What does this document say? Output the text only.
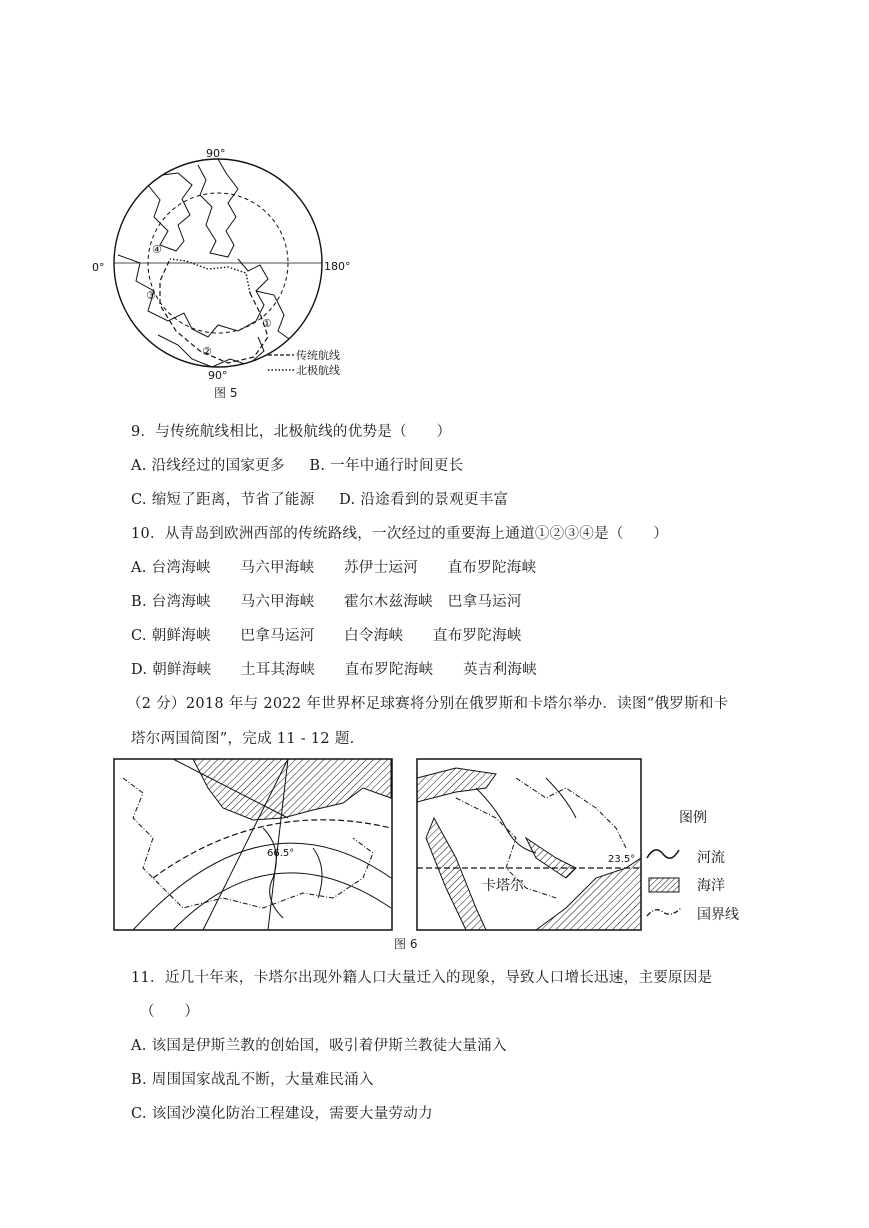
①
②
③
④
90°
0°	180°
90°
传统航线
北极航线
图 5
9．与传统航线相比，北极航线的优势是（　　）
A. 沿线经过的国家更多　  B. 一年中通行时间更长
C. 缩短了距离，节省了能源　  D. 沿途看到的景观更丰富
10．从青岛到欧洲西部的传统路线，一次经过的重要海上通道①②③④是（　　）
A. 台湾海峡　　马六甲海峡　　苏伊士运河　　直布罗陀海峡
B. 台湾海峡　　马六甲海峡　　霍尔木兹海峡　巴拿马运河
C. 朝鲜海峡　　巴拿马运河　　白令海峡　　直布罗陀海峡
D. 朝鲜海峡　　土耳其海峡　　直布罗陀海峡　　英吉利海峡
（2 分）2018 年与 2022 年世界杯足球赛将分别在俄罗斯和卡塔尔举办．读图“俄罗斯和卡
塔尔两国简图”，完成 11 - 12 题.
66.5°
23.5°
卡塔尔
图例
河流
海洋
国界线
图 6
11．近几十年来，卡塔尔出现外籍人口大量迁入的现象，导致人口增长迅速，主要原因是
（　　）
A. 该国是伊斯兰教的创始国，吸引着伊斯兰教徒大量涌入
B. 周围国家战乱不断，大量难民涌入
C. 该国沙漠化防治工程建设，需要大量劳动力
